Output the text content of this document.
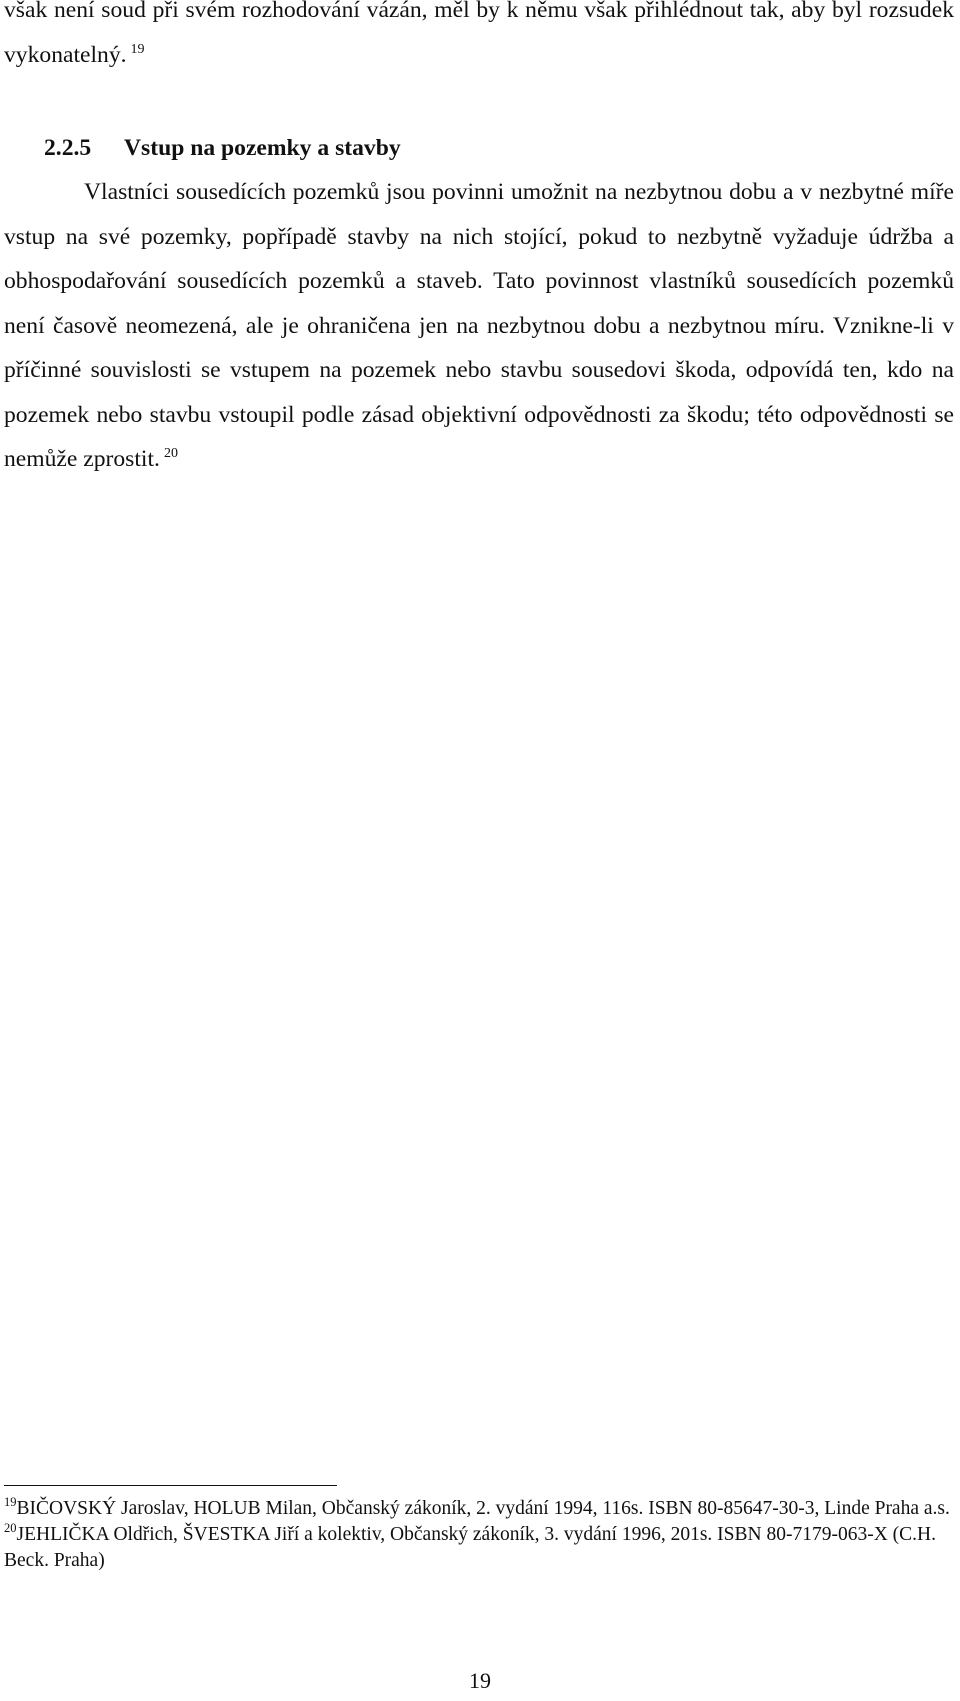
však není soud při svém rozhodování vázán, měl by k němu však přihlédnout tak, aby byl rozsudek vykonatelný. $^{19}$

2.2.5 Vstup na pozemky a stavby

Vlastníci sousedících pozemků jsou povinni umožnit na nezbytnou dobu a v nezbytné míře vstup na své pozemky, popřípadě stavby na nich stojící, pokud to nezbytně vyžaduje údržba a obhospodařování sousedících pozemků a staveb. Tato povinnost vlastníků sousedících pozemků není časově neomezená, ale je ohraničena jen na nezbytnou dobu a nezbytnou míru. Vznikne-li v příčinné souvislosti se vstupem na pozemek nebo stavbu sousedovi škoda, odpovídá ten, kdo na pozemek nebo stavbu vstoupil podle zásad objektivní odpovědnosti za škodu; této odpovědnosti se nemůže zprostit. $^{20}$

$^{19}$BIČOVSKÝ Jaroslav, HOLUB Milan, Občanský zákoník, 2. vydání 1994, 116s. ISBN 80-85647-30-3, Linde Praha a.s.
$^{20}$JEHLIČKA Oldřich, ŠVESTKA Jiří a kolektiv, Občanský zákoník, 3. vydání 1996, 201s. ISBN 80-7179-063-X (C.H. Beck. Praha)
19
